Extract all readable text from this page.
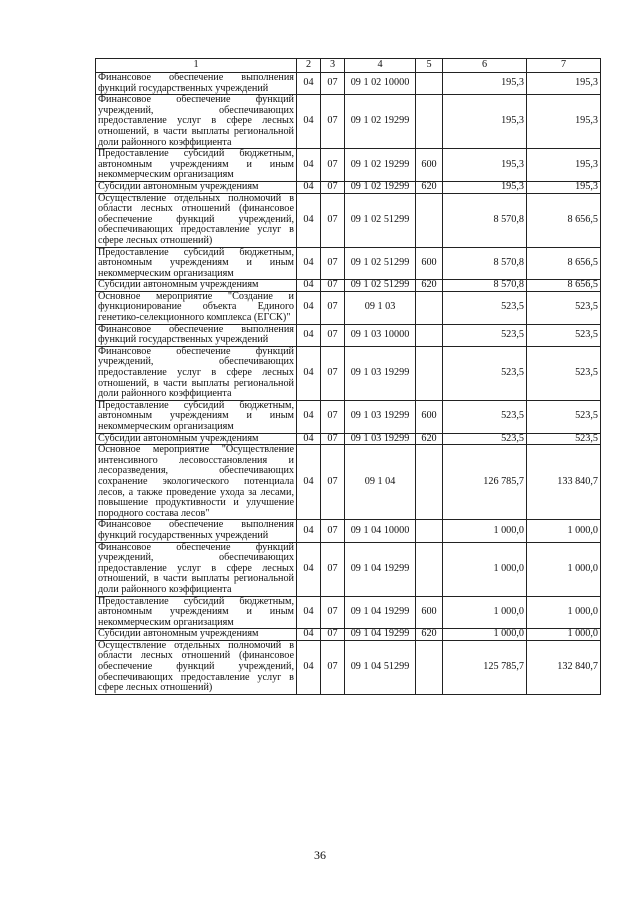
1	2	3	4	5	6	7
Финансовое обеспечение выполнения функций государственных учреждений	04	07	09 1 02 10000		195,3	195,3
Финансовое обеспечение функций учреждений, обеспечивающих предоставление услуг в сфере лесных отношений, в части выплаты региональной доли районного коэффициента	04	07	09 1 02 19299		195,3	195,3
Предоставление субсидий бюджетным, автономным учреждениям и иным некоммерческим организациям	04	07	09 1 02 19299	600	195,3	195,3
Субсидии автономным учреждениям	04	07	09 1 02 19299	620	195,3	195,3
Осуществление отдельных полномочий в области лесных отношений (финансовое обеспечение функций учреждений, обеспечивающих предоставление услуг в сфере лесных отношений)	04	07	09 1 02 51299		8 570,8	8 656,5
Предоставление субсидий бюджетным, автономным учреждениям и иным некоммерческим организациям	04	07	09 1 02 51299	600	8 570,8	8 656,5
Субсидии автономным учреждениям	04	07	09 1 02 51299	620	8 570,8	8 656,5
Основное мероприятие "Создание и функционирование объекта Единого генетико-селекционного комплекса (ЕГСК)"	04	07	09 1 03		523,5	523,5
Финансовое обеспечение выполнения функций государственных учреждений	04	07	09 1 03 10000		523,5	523,5
Финансовое обеспечение функций учреждений, обеспечивающих предоставление услуг в сфере лесных отношений, в части выплаты региональной доли районного коэффициента	04	07	09 1 03 19299		523,5	523,5
Предоставление субсидий бюджетным, автономным учреждениям и иным некоммерческим организациям	04	07	09 1 03 19299	600	523,5	523,5
Субсидии автономным учреждениям	04	07	09 1 03 19299	620	523,5	523,5
Основное мероприятие "Осуществление интенсивного лесовосстановления и лесоразведения, обеспечивающих сохранение экологического потенциала лесов, а также проведение ухода за лесами, повышение продуктивности и улучшение породного состава лесов"	04	07	09 1 04		126 785,7	133 840,7
Финансовое обеспечение выполнения функций государственных учреждений	04	07	09 1 04 10000		1 000,0	1 000,0
Финансовое обеспечение функций учреждений, обеспечивающих предоставление услуг в сфере лесных отношений, в части выплаты региональной доли районного коэффициента	04	07	09 1 04 19299		1 000,0	1 000,0
Предоставление субсидий бюджетным, автономным учреждениям и иным некоммерческим организациям	04	07	09 1 04 19299	600	1 000,0	1 000,0
Субсидии автономным учреждениям	04	07	09 1 04 19299	620	1 000,0	1 000,0
Осуществление отдельных полномочий в области лесных отношений (финансовое обеспечение функций учреждений, обеспечивающих предоставление услуг в сфере лесных отношений)	04	07	09 1 04 51299		125 785,7	132 840,7
36
